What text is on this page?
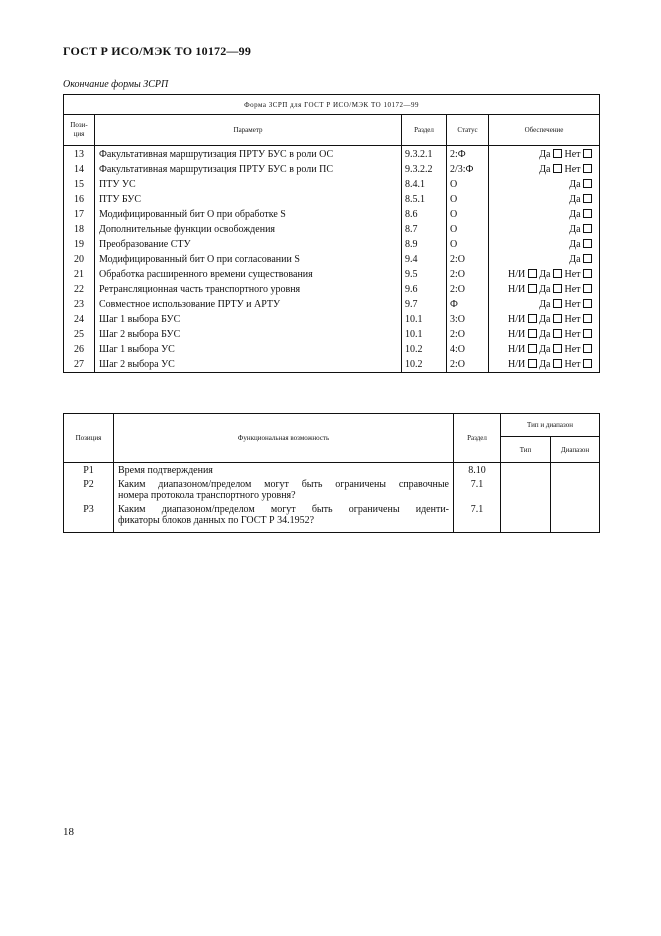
ГОСТ Р ИСО/МЭК ТО 10172—99
Окончание формы ЗСРП
Форма ЗСРП для ГОСТ Р ИСО/МЭК ТО 10172—99				
Пози-
ция	Параметр	Раздел	Статус	Обеспечение
13	Факультативная маршрутизация ПРТУ БУС в роли ОС	9.3.2.1	2:Ф	Да Нет
14	Факультативная маршрутизация ПРТУ БУС в роли ПС	9.3.2.2	2/3:Ф	Да Нет
15	ПТУ УС	8.4.1	О	Да
16	ПТУ БУС	8.5.1	О	Да
17	Модифицированный бит О при обработке S	8.6	О	Да
18	Дополнительные функции освобождения	8.7	О	Да
19	Преобразование СТУ	8.9	О	Да
20	Модифицированный бит О при согласовании S	9.4	2:О	Да
21	Обработка расширенного времени существования	9.5	2:О	Н/И Да Нет
22	Ретрансляционная часть транспортного уровня	9.6	2:О	Н/И Да Нет
23	Совместное использование ПРТУ и АРТУ	9.7	Ф	Да Нет
24	Шаг 1 выбора БУС	10.1	3:О	Н/И Да Нет
25	Шаг 2 выбора БУС	10.1	2:О	Н/И Да Нет
26	Шаг 1 выбора УС	10.2	4:О	Н/И Да Нет
27	Шаг 2 выбора УС	10.2	2:О	Н/И Да Нет
Позиция	Функциональная возможность	Раздел	Тип и диапазон	
			Тип	Диапазон
Р1	Время подтверждения	8.10		
Р2	Каким диапазоном/пределом могут быть ограничены справочные
номера протокола транспортного уровня?	7.1		
Р3	Каким диапазоном/пределом могут быть ограничены иденти-
фикаторы блоков данных по ГОСТ Р 34.1952?	7.1		
18
